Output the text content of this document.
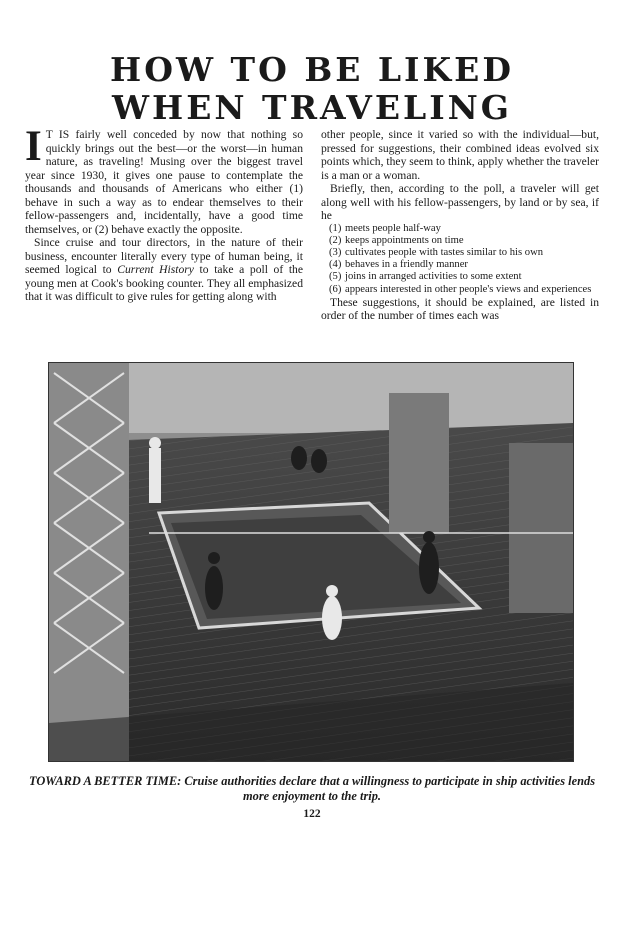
HOW TO BE LIKED
WHEN TRAVELING

I T IS fairly well conceded by now that nothing so quickly brings out the best—or the worst—in human nature, as traveling! Musing over the biggest travel year since 1930, it gives one pause to contemplate the thousands and thousands of Americans who either (1) behave in such a way as to endear themselves to their fellow-passengers and, incidentally, have a good time themselves, or (2) behave exactly the opposite.

Since cruise and tour directors, in the nature of their business, encounter literally every type of human being, it seemed logical to Current History to take a poll of the young men at Cook's booking counter. They all emphasized that it was difficult to give rules for getting along with

other people, since it varied so with the individual—but, pressed for suggestions, their combined ideas evolved six points which, they seem to think, apply whether the traveler is a man or a woman.

Briefly, then, according to the poll, a traveler will get along well with his fellow-passengers, by land or by sea, if he

(1) meets people half-way
(2) keeps appointments on time
(3) cultivates people with tastes similar to his own
(4) behaves in a friendly manner
(5) joins in arranged activities to some extent
(6) appears interested in other people's views and experiences

These suggestions, it should be explained, are listed in order of the number of times each was

TOWARD A BETTER TIME: Cruise authorities declare that a willingness to participate in ship activities lends more enjoyment to the trip.

122
